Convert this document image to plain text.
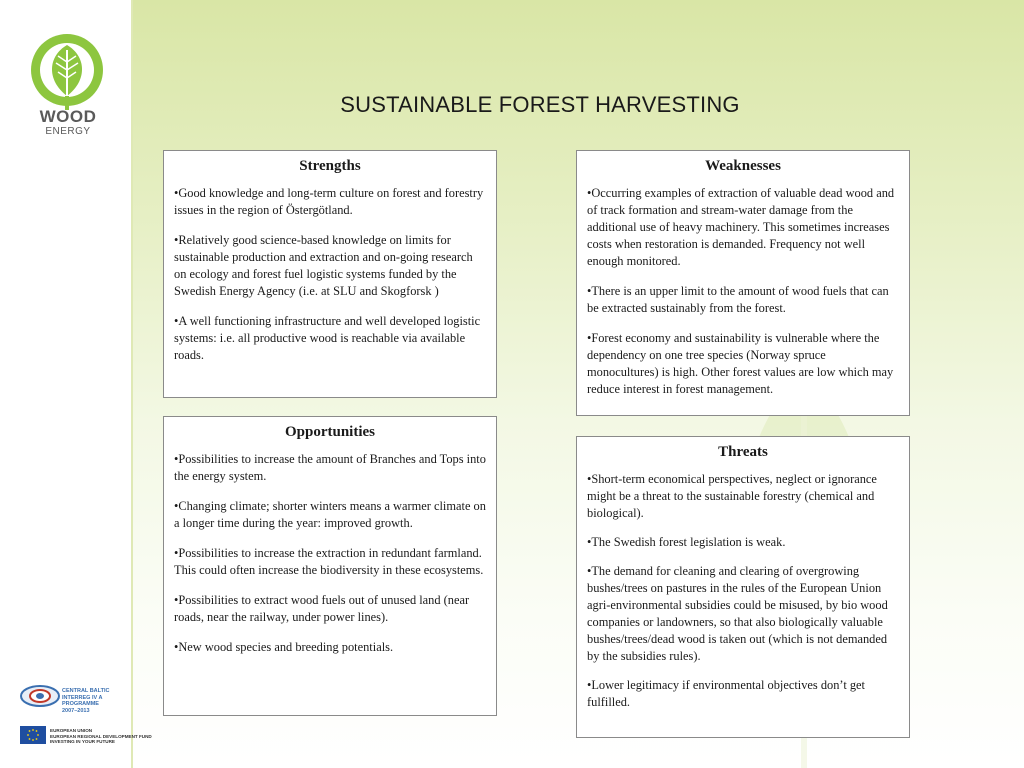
WOOD
ENERGY
SUSTAINABLE FOREST HARVESTING
Strengths

•Good knowledge and long-term culture on forest and forestry issues in the region of Östergötland.

•Relatively good science-based knowledge on limits for sustainable production and extraction and on-going research on ecology and forest fuel logistic systems funded by the Swedish Energy Agency (i.e. at SLU and Skogforsk )

•A well functioning infrastructure and well developed logistic systems: i.e. all productive wood is reachable via available roads.

Weaknesses

•Occurring examples of extraction of valuable dead wood and of track formation and stream-water damage from the additional use of heavy machinery. This sometimes increases costs when restoration is demanded. Frequency not well enough monitored.

•There is an upper limit to the amount of wood fuels that can be extracted sustainably from the forest.

•Forest economy and sustainability is vulnerable where the dependency on one tree species (Norway spruce monocultures) is high. Other forest values are low which may reduce interest in forest management.

Opportunities

•Possibilities to increase the amount of Branches and Tops into the energy system.

•Changing climate; shorter winters means a warmer climate on a longer time during the year: improved growth.

•Possibilities to increase the extraction in redundant farmland. This could often increase the biodiversity in these ecosystems.

•Possibilities to extract wood fuels out of unused land (near roads, near the railway, under power lines).

•New wood species and breeding potentials.

Threats

•Short-term economical perspectives, neglect or ignorance might be a threat to the sustainable forestry (chemical and biological).

•The Swedish forest legislation is weak.

•The demand for cleaning and clearing of overgrowing bushes/trees on pastures in the rules of the European Union agri-environmental subsidies could be misused, by bio wood companies or landowners, so that also biologically valuable bushes/trees/dead wood is taken out (which is not demanded by the subsidies rules).

•Lower legitimacy if environmental objectives don’t get fulfilled.

CENTRAL BALTIC
INTERREG IV A
PROGRAMME
2007–2013
EUROPEAN UNION
EUROPEAN REGIONAL DEVELOPMENT FUND
INVESTING IN YOUR FUTURE
